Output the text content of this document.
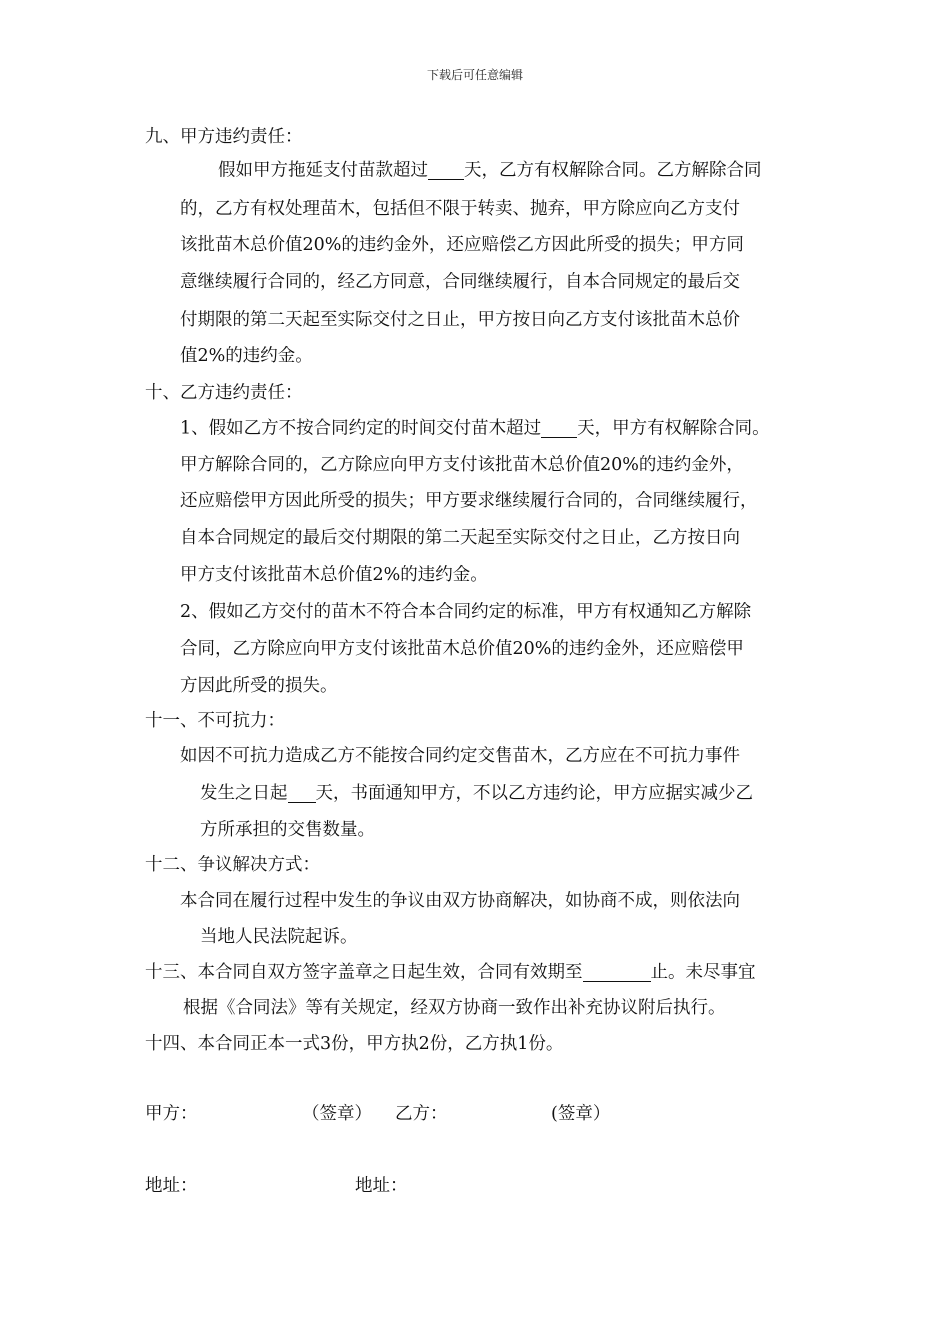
下载后可任意编辑
九、甲方违约责任：
假如甲方拖延支付苗款超过 天，乙方有权解除合同。乙方解除合同
的，乙方有权处理苗木，包括但不限于转卖、抛弃，甲方除应向乙方支付
该批苗木总价值20%的违约金外，还应赔偿乙方因此所受的损失；甲方同
意继续履行合同的，经乙方同意，合同继续履行，自本合同规定的最后交
付期限的第二天起至实际交付之日止，甲方按日向乙方支付该批苗木总价
值2%的违约金。
十、乙方违约责任：
1、假如乙方不按合同约定的时间交付苗木超过 天，甲方有权解除合同。
甲方解除合同的，乙方除应向甲方支付该批苗木总价值20%的违约金外，
还应赔偿甲方因此所受的损失；甲方要求继续履行合同的，合同继续履行，
自本合同规定的最后交付期限的第二天起至实际交付之日止，乙方按日向
甲方支付该批苗木总价值2%的违约金。
2、假如乙方交付的苗木不符合本合同约定的标准，甲方有权通知乙方解除
合同，乙方除应向甲方支付该批苗木总价值20%的违约金外，还应赔偿甲
方因此所受的损失。
十一、不可抗力：
如因不可抗力造成乙方不能按合同约定交售苗木，乙方应在不可抗力事件
发生之日起 天，书面通知甲方，不以乙方违约论，甲方应据实减少乙
方所承担的交售数量。
十二、争议解决方式：
本合同在履行过程中发生的争议由双方协商解决，如协商不成，则依法向
当地人民法院起诉。
十三、本合同自双方签字盖章之日起生效，合同有效期至	止。未尽事宜
根据《合同法》等有关规定，经双方协商一致作出补充协议附后执行。
十四、本合同正本一式3份，甲方执2份，乙方执1份。
甲方：	（签章） 乙方：	(签章）
地址：	地址：
